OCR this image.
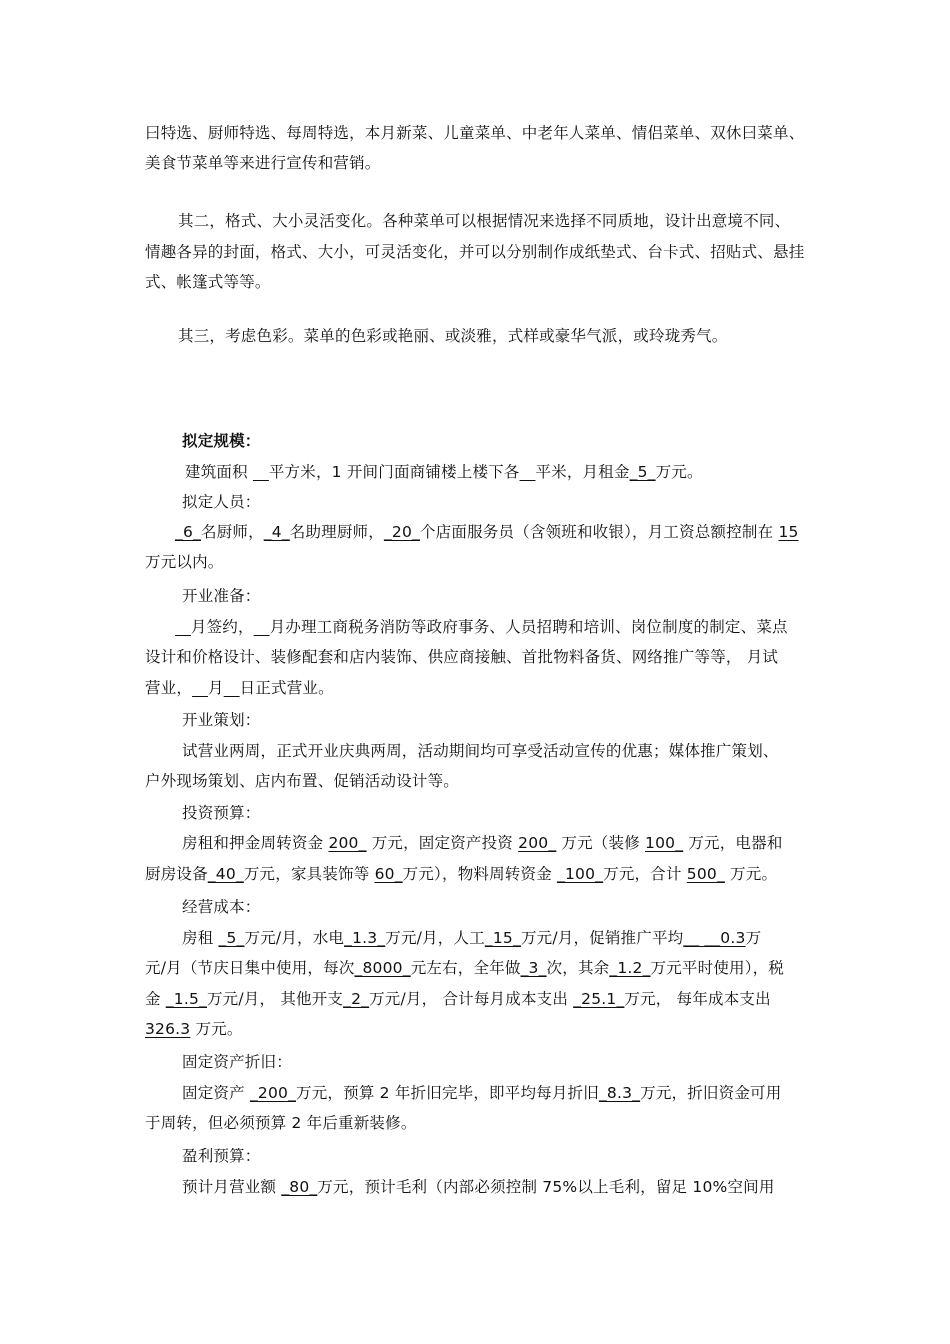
曰特选、厨师特选、每周特选，本月新菜、儿童菜单、中老年人菜单、情侣菜单、双休曰菜单、
美食节菜单等来进行宣传和营销。
其二，格式、大小灵活变化。各种菜单可以根据情况来选择不同质地，设计出意境不同、
情趣各异的封面，格式、大小，可灵活变化，并可以分别制作成纸垫式、台卡式、招贴式、悬挂
式、帐篷式等等。
其三，考虑色彩。菜单的色彩或艳丽、或淡雅，式样或豪华气派，或玲珑秀气。
拟定规模：
建筑面积 __平方米，1 开间门面商铺楼上楼下各__平米，月租金_5_万元。
拟定人员：
_6_名厨师，_4_名助理厨师，_20_个店面服务员（含领班和收银），月工资总额控制在 15
万元以内。
开业准备：
__月签约，__月办理工商税务消防等政府事务、人员招聘和培训、岗位制度的制定、菜点
设计和价格设计、装修配套和店内装饰、供应商接触、首批物料备货、网络推广等等， 月试
营业，__月__日正式营业。
开业策划：
试营业两周，正式开业庆典两周，活动期间均可享受活动宣传的优惠；媒体推广策划、
户外现场策划、店内布置、促销活动设计等。
投资预算：
房租和押金周转资金 200_ 万元，固定资产投资 200_ 万元（装修 100_ 万元，电器和
厨房设备_40_万元，家具装饰等 60_万元），物料周转资金 _100_万元，合计 500_ 万元。
经营成本：
房租 _5_万元/月，水电_1.3_万元/月，人工_15_万元/月，促销推广平均__ __0.3万
元/月（节庆日集中使用，每次_8000_元左右，全年做_3_次，其余_1.2_万元平时使用），税
金 _1.5_万元/月， 其他开支_2_万元/月， 合计每月成本支出 _25.1_万元， 每年成本支出
326.3 万元。
固定资产折旧：
固定资产 _200_万元，预算 2 年折旧完毕，即平均每月折旧_8.3_万元，折旧资金可用
于周转，但必须预算 2 年后重新装修。
盈利预算：
预计月营业额 _80_万元，预计毛利（内部必须控制 75%以上毛利，留足 10%空间用
